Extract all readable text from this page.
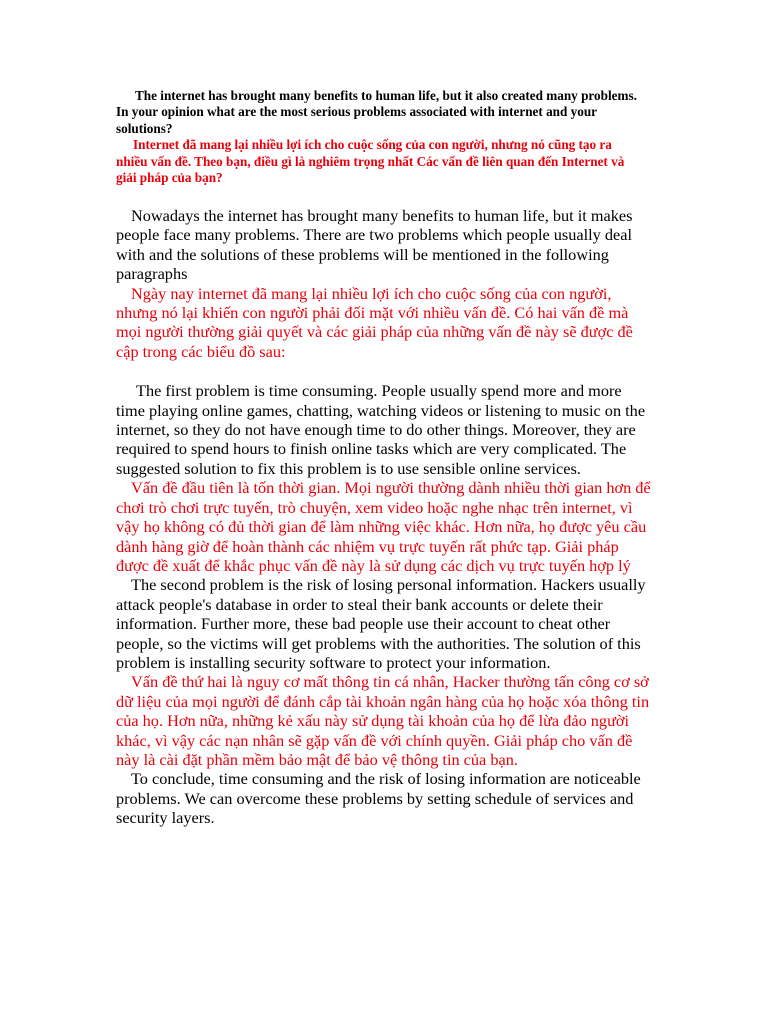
The internet has brought many benefits to human life, but it also created many problems. In your opinion what are the most serious problems associated with internet and your solutions?

Internet đã mang lại nhiều lợi ích cho cuộc sống của con người, nhưng nó cũng tạo ra nhiều vấn đề. Theo bạn, điều gì là nghiêm trọng nhất Các vấn đề liên quan đến Internet và giải pháp của bạn?

Nowadays the internet has brought many benefits to human life, but it makes people face many problems. There are two problems which people usually deal with and the solutions of these problems will be mentioned in the following paragraphs

Ngày nay internet đã mang lại nhiều lợi ích cho cuộc sống của con người, nhưng nó lại khiến con người phải đối mặt với nhiều vấn đề. Có hai vấn đề mà mọi người thường giải quyết và các giải pháp của những vấn đề này sẽ được đề cập trong các biểu đồ sau:

The first problem is time consuming. People usually spend more and more time playing online games, chatting, watching videos or listening to music on the internet, so they do not have enough time to do other things. Moreover, they are required to spend hours to finish online tasks which are very complicated. The suggested solution to fix this problem is to use sensible online services.

Vấn đề đầu tiên là tốn thời gian. Mọi người thường dành nhiều thời gian hơn để chơi trò chơi trực tuyến, trò chuyện, xem video hoặc nghe nhạc trên internet, vì vậy họ không có đủ thời gian để làm những việc khác. Hơn nữa, họ được yêu cầu dành hàng giờ để hoàn thành các nhiệm vụ trực tuyến rất phức tạp. Giải pháp được đề xuất để khắc phục vấn đề này là sử dụng các dịch vụ trực tuyến hợp lý

The second problem is the risk of losing personal information. Hackers usually attack people's database in order to steal their bank accounts or delete their information. Further more, these bad people use their account to cheat other people, so the victims will get problems with the authorities. The solution of this problem is installing security software to protect your information.

Vấn đề thứ hai là nguy cơ mất thông tin cá nhân, Hacker thường tấn công cơ sở dữ liệu của mọi người để đánh cắp tài khoản ngân hàng của họ hoặc xóa thông tin của họ. Hơn nữa, những kẻ xấu này sử dụng tài khoản của họ để lừa đảo người khác, vì vậy các nạn nhân sẽ gặp vấn đề với chính quyền. Giải pháp cho vấn đề này là cài đặt phần mềm bảo mật để bảo vệ thông tin của bạn.

To conclude, time consuming and the risk of losing information are noticeable problems. We can overcome these problems by setting schedule of services and security layers.
